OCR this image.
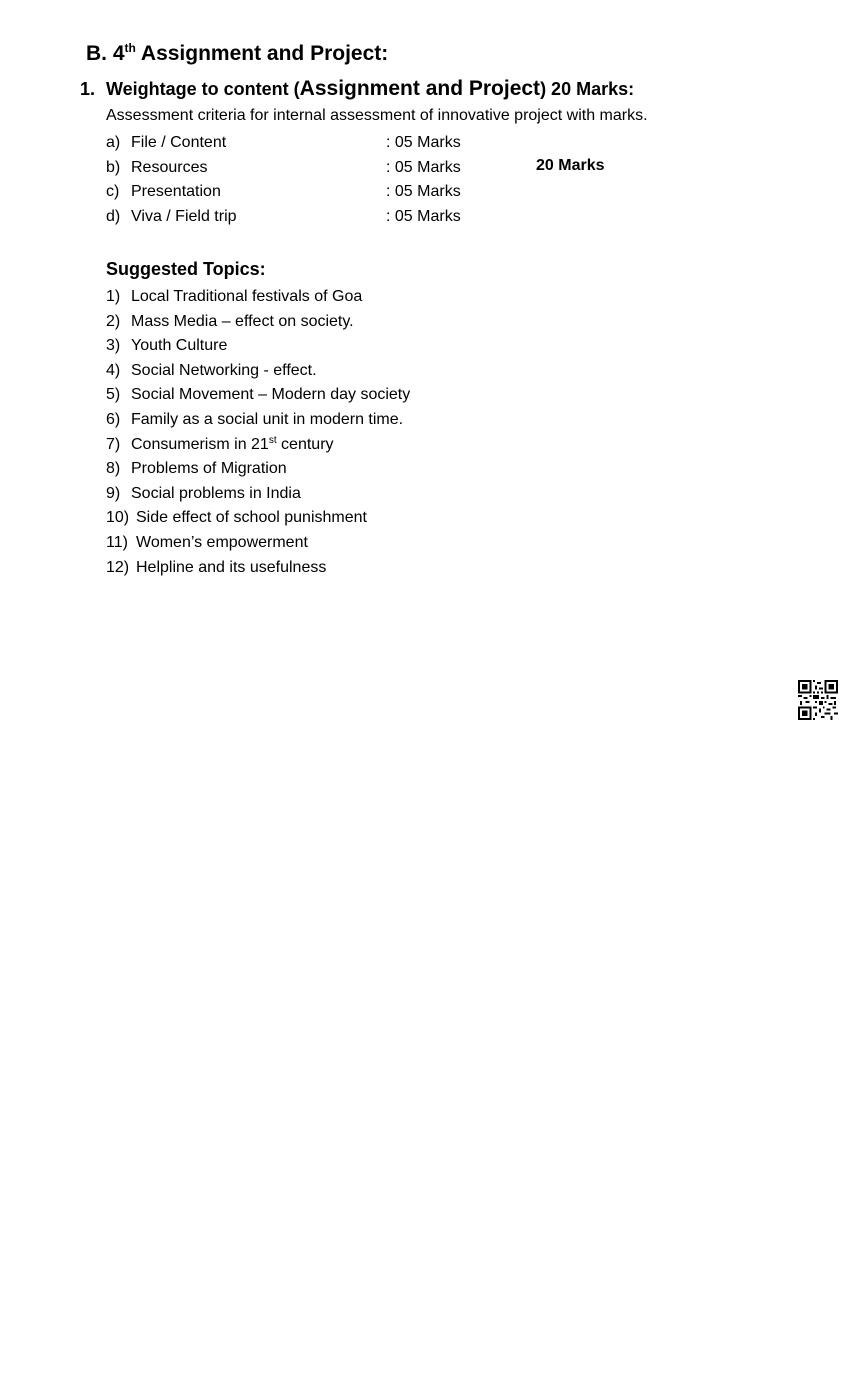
B. 4th Assignment and Project:
1. Weightage to content (Assignment and Project) 20 Marks:
Assessment criteria for internal assessment of innovative project with marks.
a) File / Content	: 05 Marks
b) Resources	: 05 Marks
c) Presentation	: 05 Marks
d) Viva / Field trip	: 05 Marks
20 Marks
Suggested Topics:
1) Local Traditional festivals of Goa
2) Mass Media – effect on society.
3) Youth Culture
4) Social Networking - effect.
5) Social Movement – Modern day society
6) Family as a social unit in modern time.
7) Consumerism in 21st century
8) Problems of Migration
9) Social problems in India
10) Side effect of school punishment
11) Women’s empowerment
12) Helpline and its usefulness
